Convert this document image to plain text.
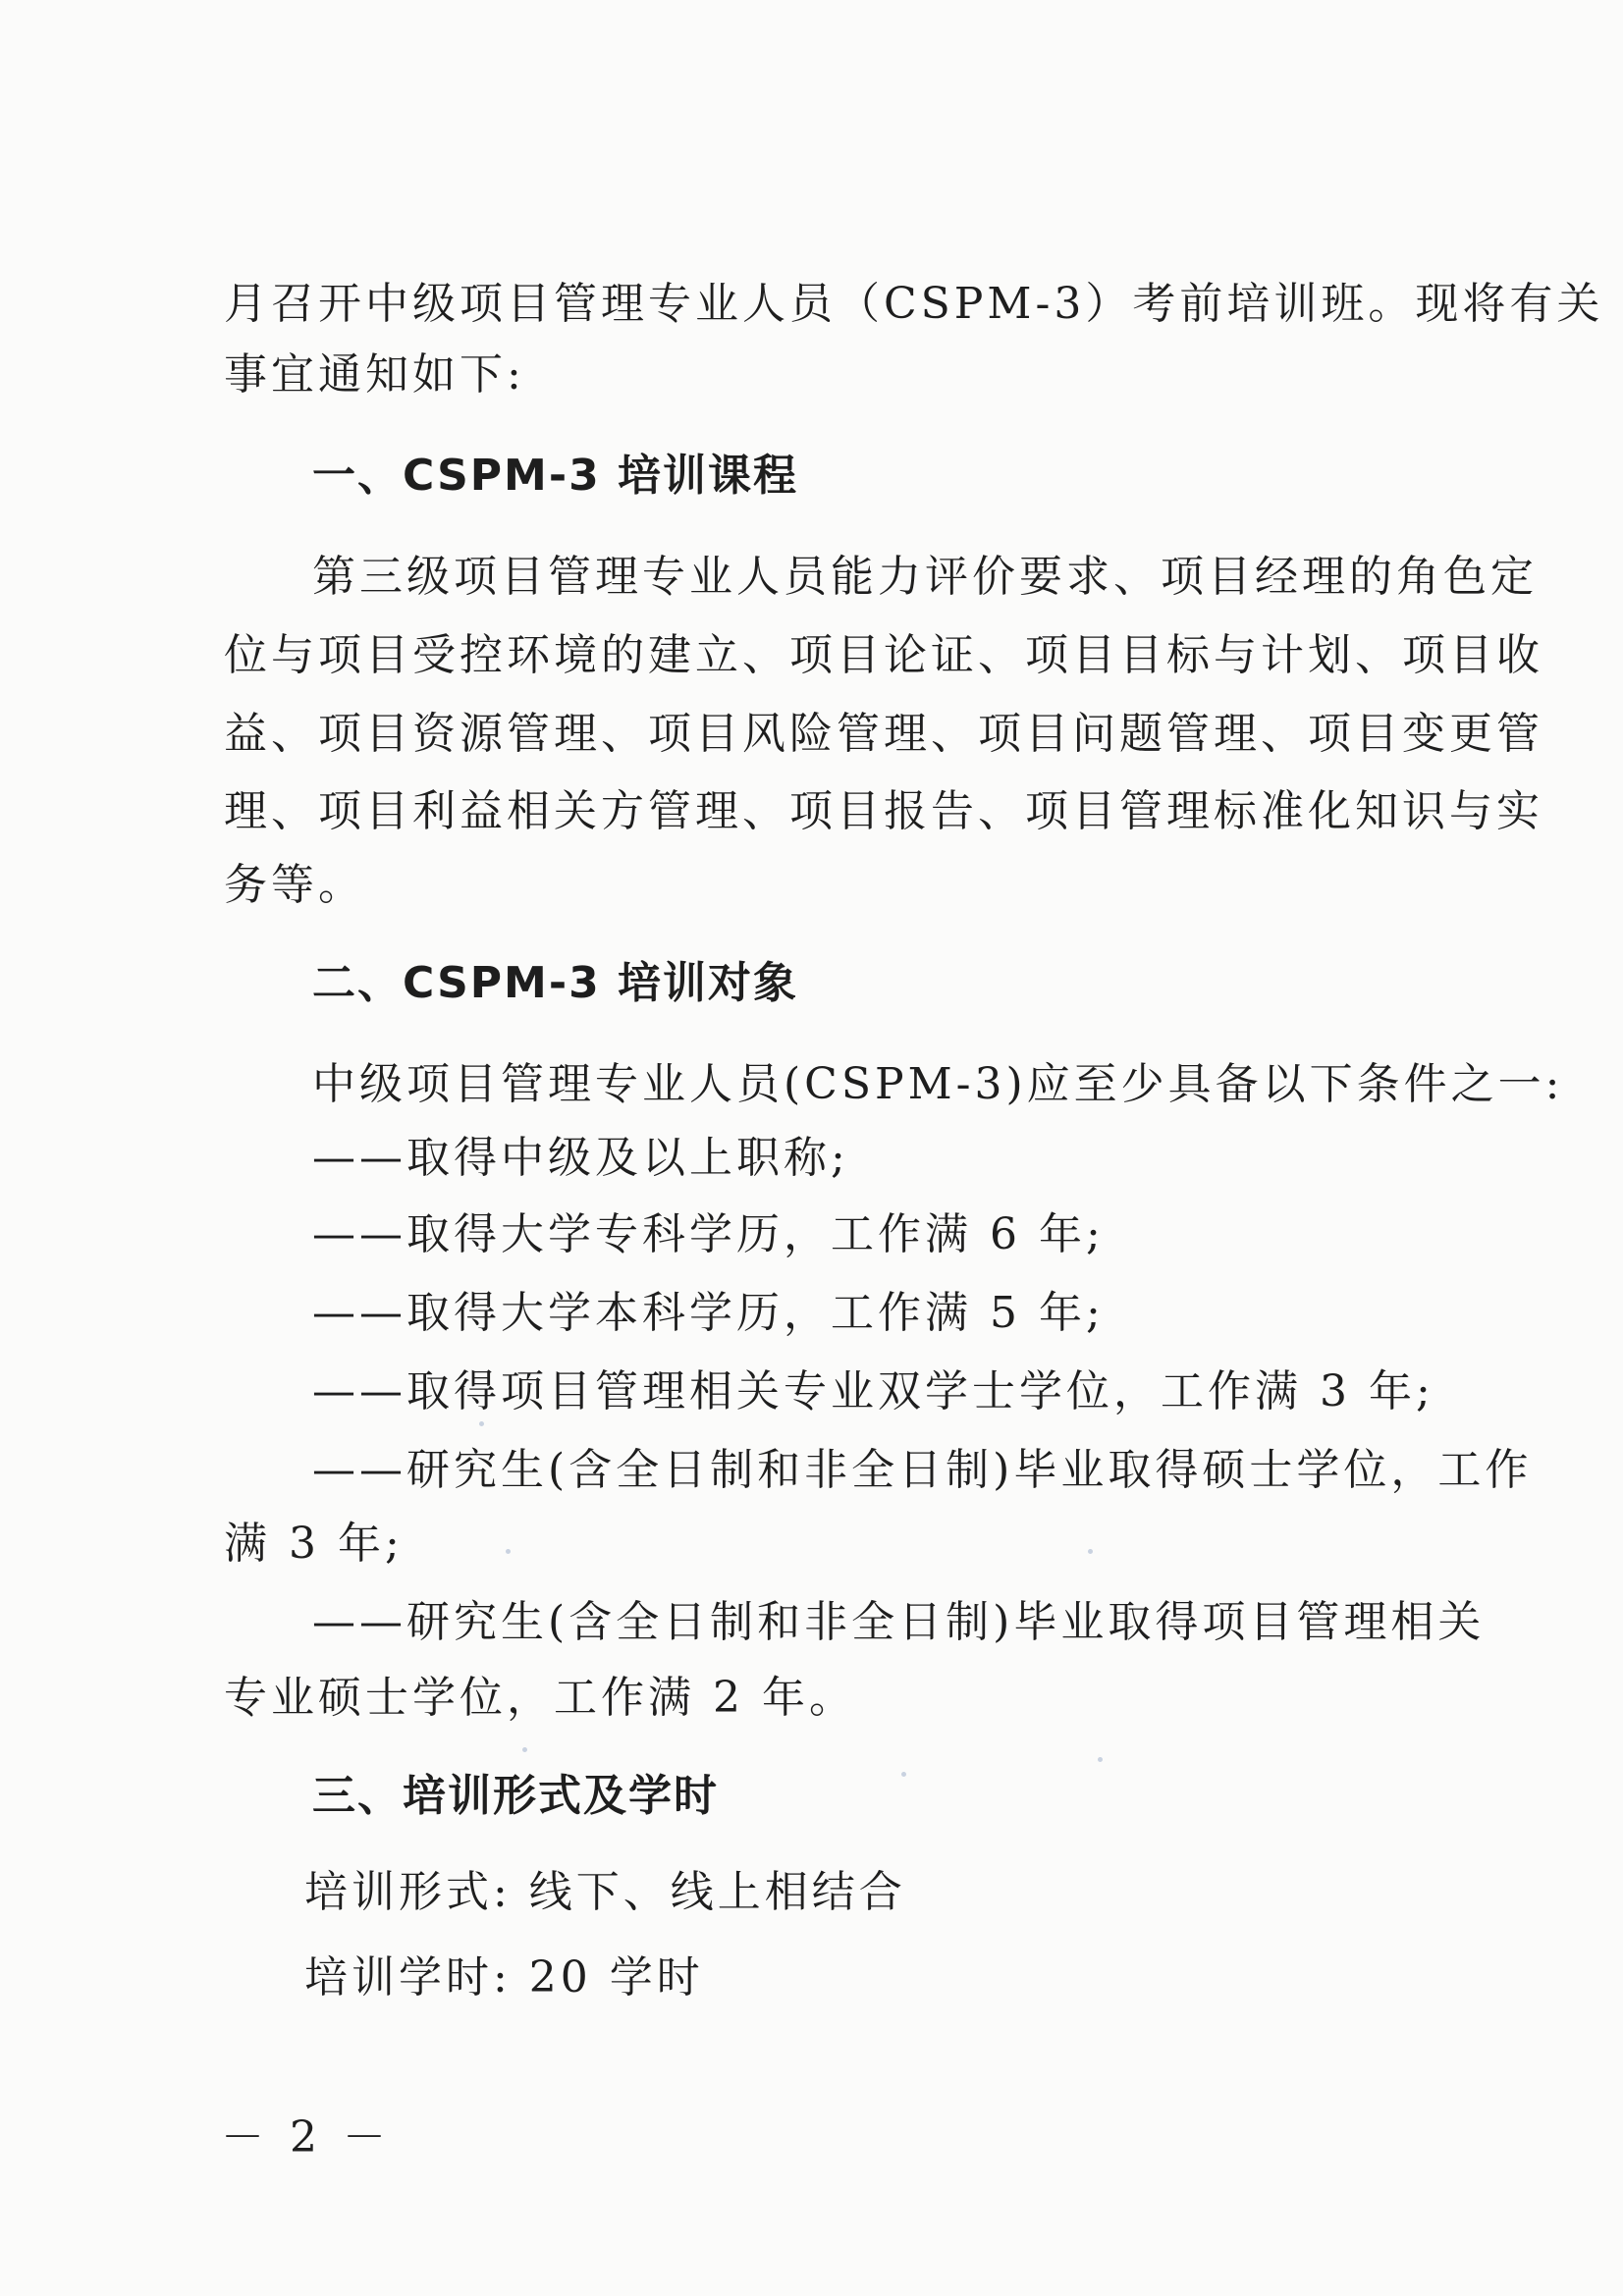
月召开中级项目管理专业人员（CSPM-3）考前培训班。现将有关
事宜通知如下:
一、CSPM-3 培训课程
第三级项目管理专业人员能力评价要求、项目经理的角色定
位与项目受控环境的建立、项目论证、项目目标与计划、项目收
益、项目资源管理、项目风险管理、项目问题管理、项目变更管
理、项目利益相关方管理、项目报告、项目管理标准化知识与实
务等。
二、CSPM-3 培训对象
中级项目管理专业人员(CSPM-3)应至少具备以下条件之一:
——取得中级及以上职称;
——取得大学专科学历，工作满 6 年;
——取得大学本科学历，工作满 5 年;
——取得项目管理相关专业双学士学位，工作满 3 年;
——研究生(含全日制和非全日制)毕业取得硕士学位，工作
满 3 年;
——研究生(含全日制和非全日制)毕业取得项目管理相关
专业硕士学位，工作满 2 年。
三、培训形式及学时
培训形式: 线下、线上相结合
培训学时: 20 学时
－ 2 －
